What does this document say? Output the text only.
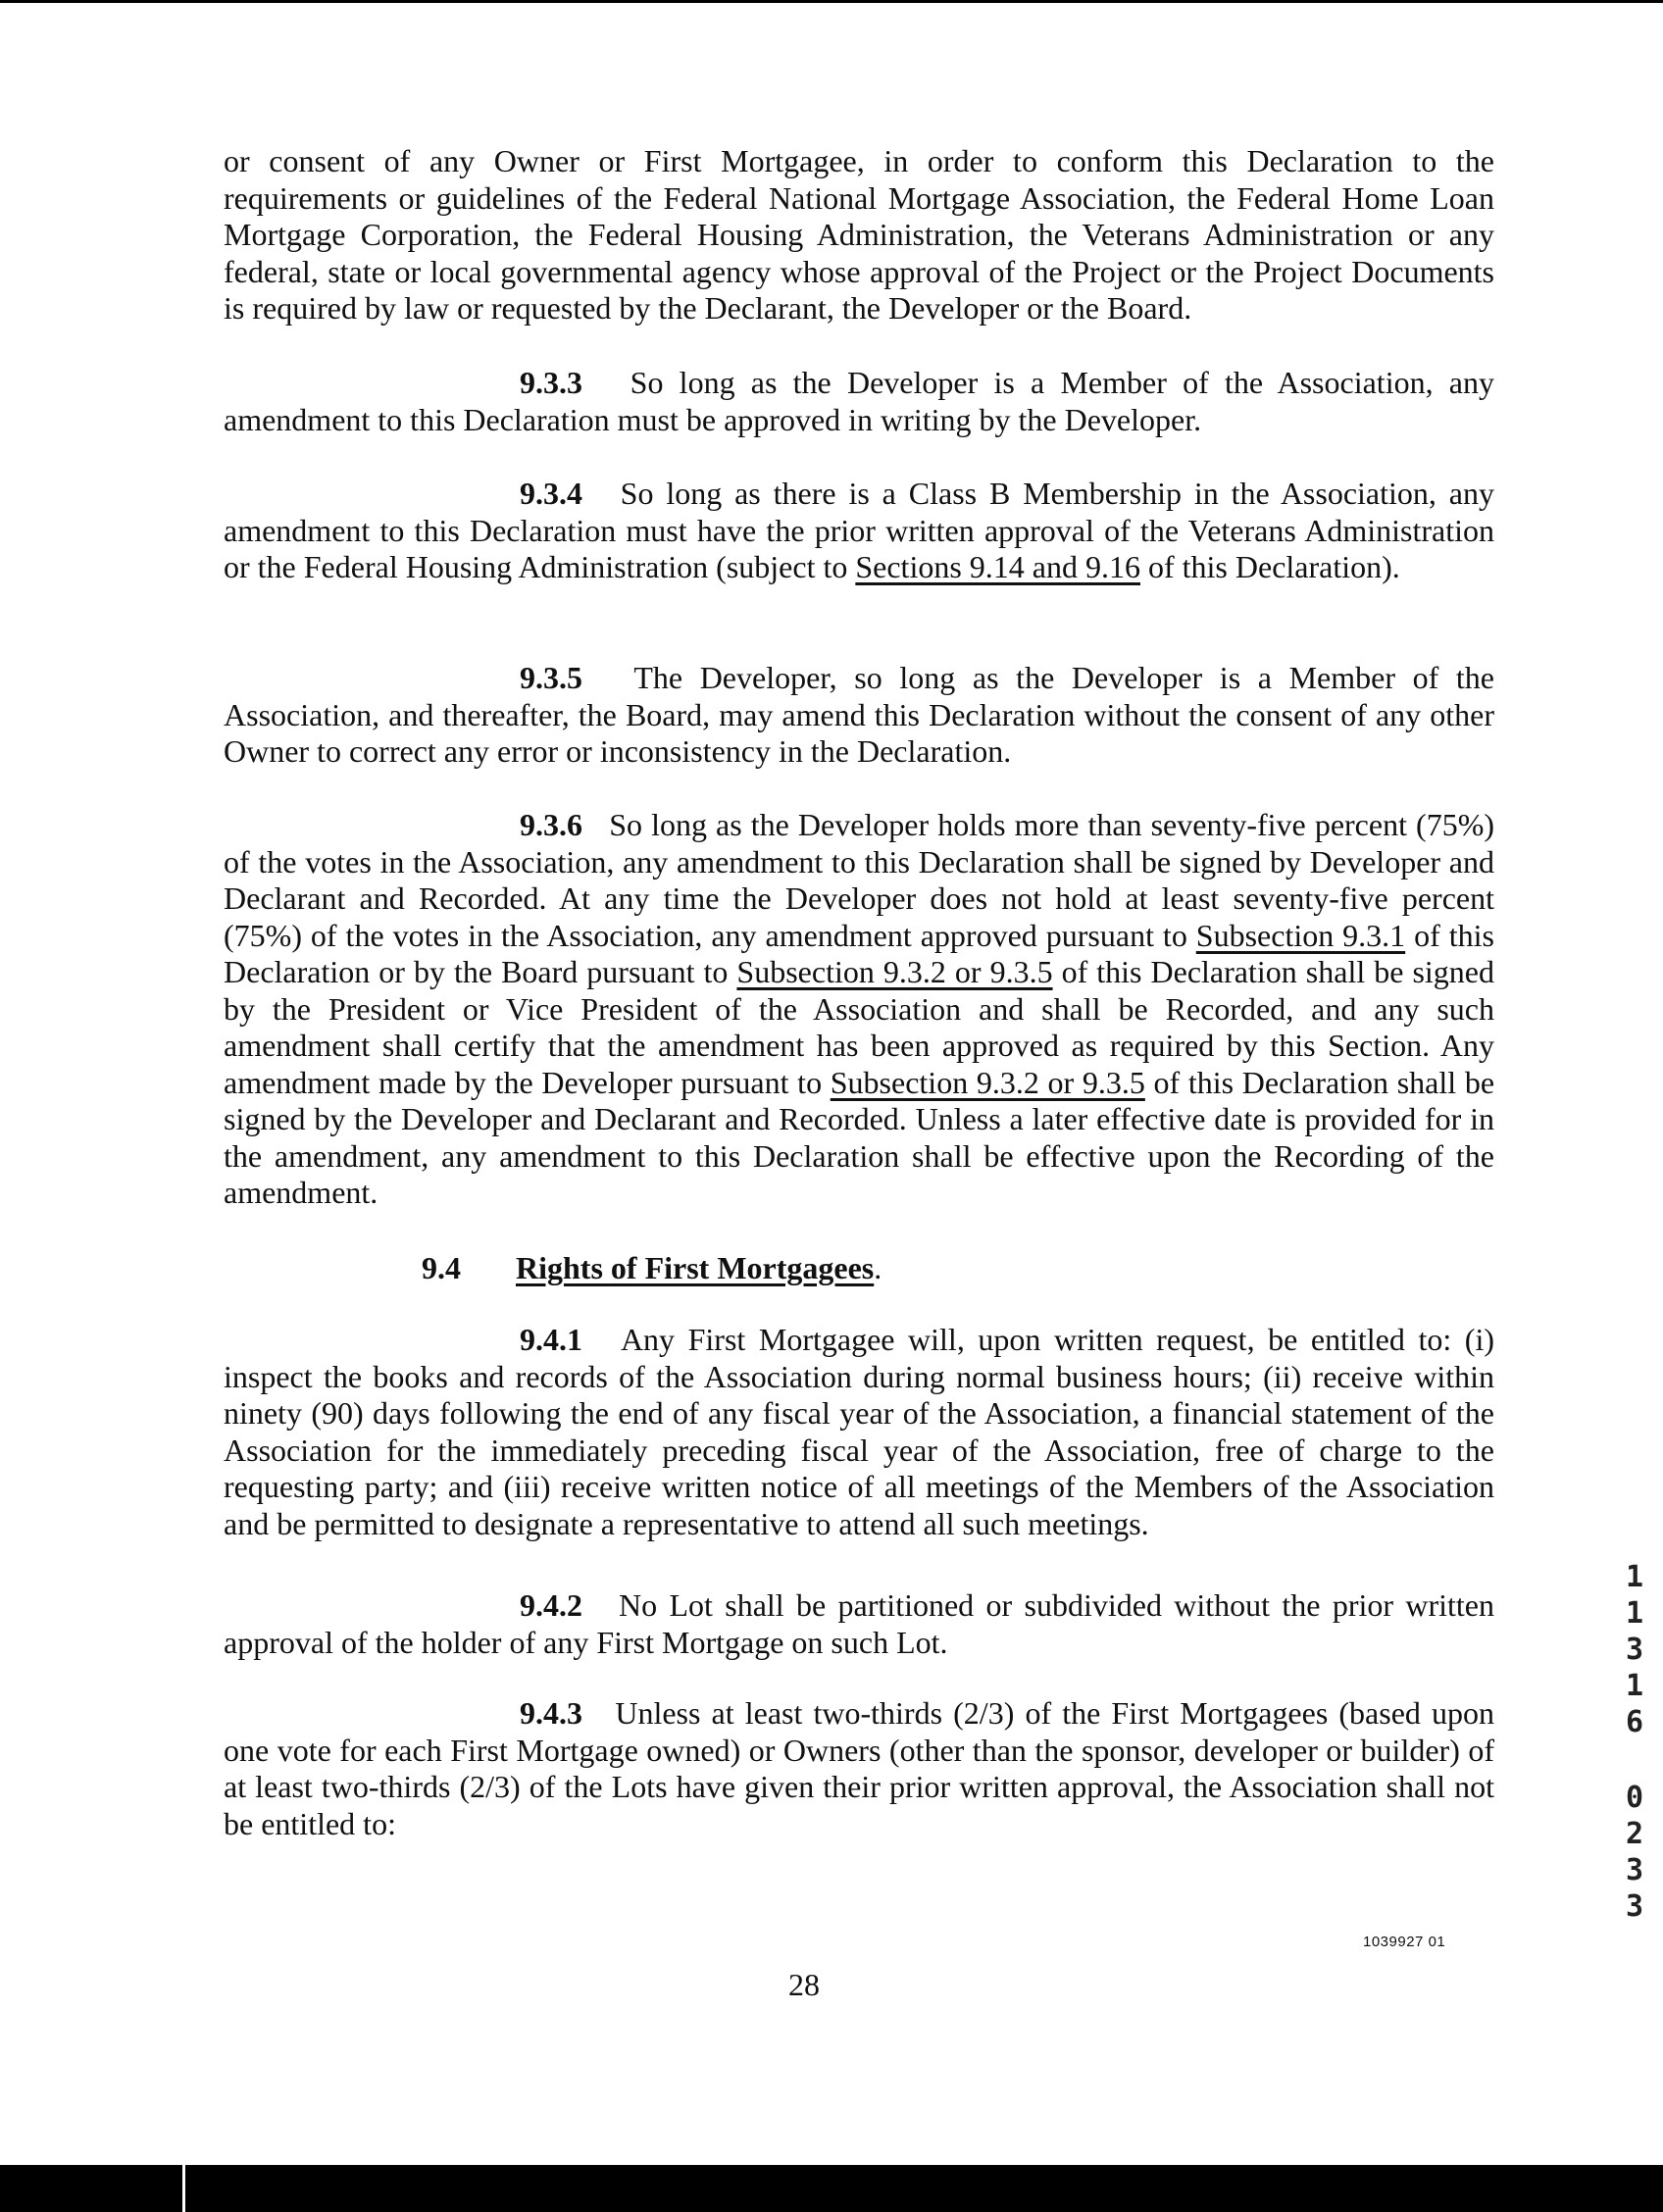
or consent of any Owner or First Mortgagee, in order to conform this Declaration to the requirements or guidelines of the Federal National Mortgage Association, the Federal Home Loan Mortgage Corporation, the Federal Housing Administration, the Veterans Administration or any federal, state or local governmental agency whose approval of the Project or the Project Documents is required by law or requested by the Declarant, the Developer or the Board.
9.3.3 So long as the Developer is a Member of the Association, any amendment to this Declaration must be approved in writing by the Developer.
9.3.4 So long as there is a Class B Membership in the Association, any amendment to this Declaration must have the prior written approval of the Veterans Administration or the Federal Housing Administration (subject to Sections 9.14 and 9.16 of this Declaration).
9.3.5 The Developer, so long as the Developer is a Member of the Association, and thereafter, the Board, may amend this Declaration without the consent of any other Owner to correct any error or inconsistency in the Declaration.
9.3.6 So long as the Developer holds more than seventy-five percent (75%) of the votes in the Association, any amendment to this Declaration shall be signed by Developer and Declarant and Recorded. At any time the Developer does not hold at least seventy-five percent (75%) of the votes in the Association, any amendment approved pursuant to Subsection 9.3.1 of this Declaration or by the Board pursuant to Subsection 9.3.2 or 9.3.5 of this Declaration shall be signed by the President or Vice President of the Association and shall be Recorded, and any such amendment shall certify that the amendment has been approved as required by this Section. Any amendment made by the Developer pursuant to Subsection 9.3.2 or 9.3.5 of this Declaration shall be signed by the Developer and Declarant and Recorded. Unless a later effective date is provided for in the amendment, any amendment to this Declaration shall be effective upon the Recording of the amendment.
9.4 Rights of First Mortgagees.
9.4.1 Any First Mortgagee will, upon written request, be entitled to: (i) inspect the books and records of the Association during normal business hours; (ii) receive within ninety (90) days following the end of any fiscal year of the Association, a financial statement of the Association for the immediately preceding fiscal year of the Association, free of charge to the requesting party; and (iii) receive written notice of all meetings of the Members of the Association and be permitted to designate a representative to attend all such meetings.
9.4.2 No Lot shall be partitioned or subdivided without the prior written approval of the holder of any First Mortgage on such Lot.
9.4.3 Unless at least two-thirds (2/3) of the First Mortgagees (based upon one vote for each First Mortgage owned) or Owners (other than the sponsor, developer or builder) of at least two-thirds (2/3) of the Lots have given their prior written approval, the Association shall not be entitled to:
1
1
3
1
6
0
2
3
3
1039927 01
28
